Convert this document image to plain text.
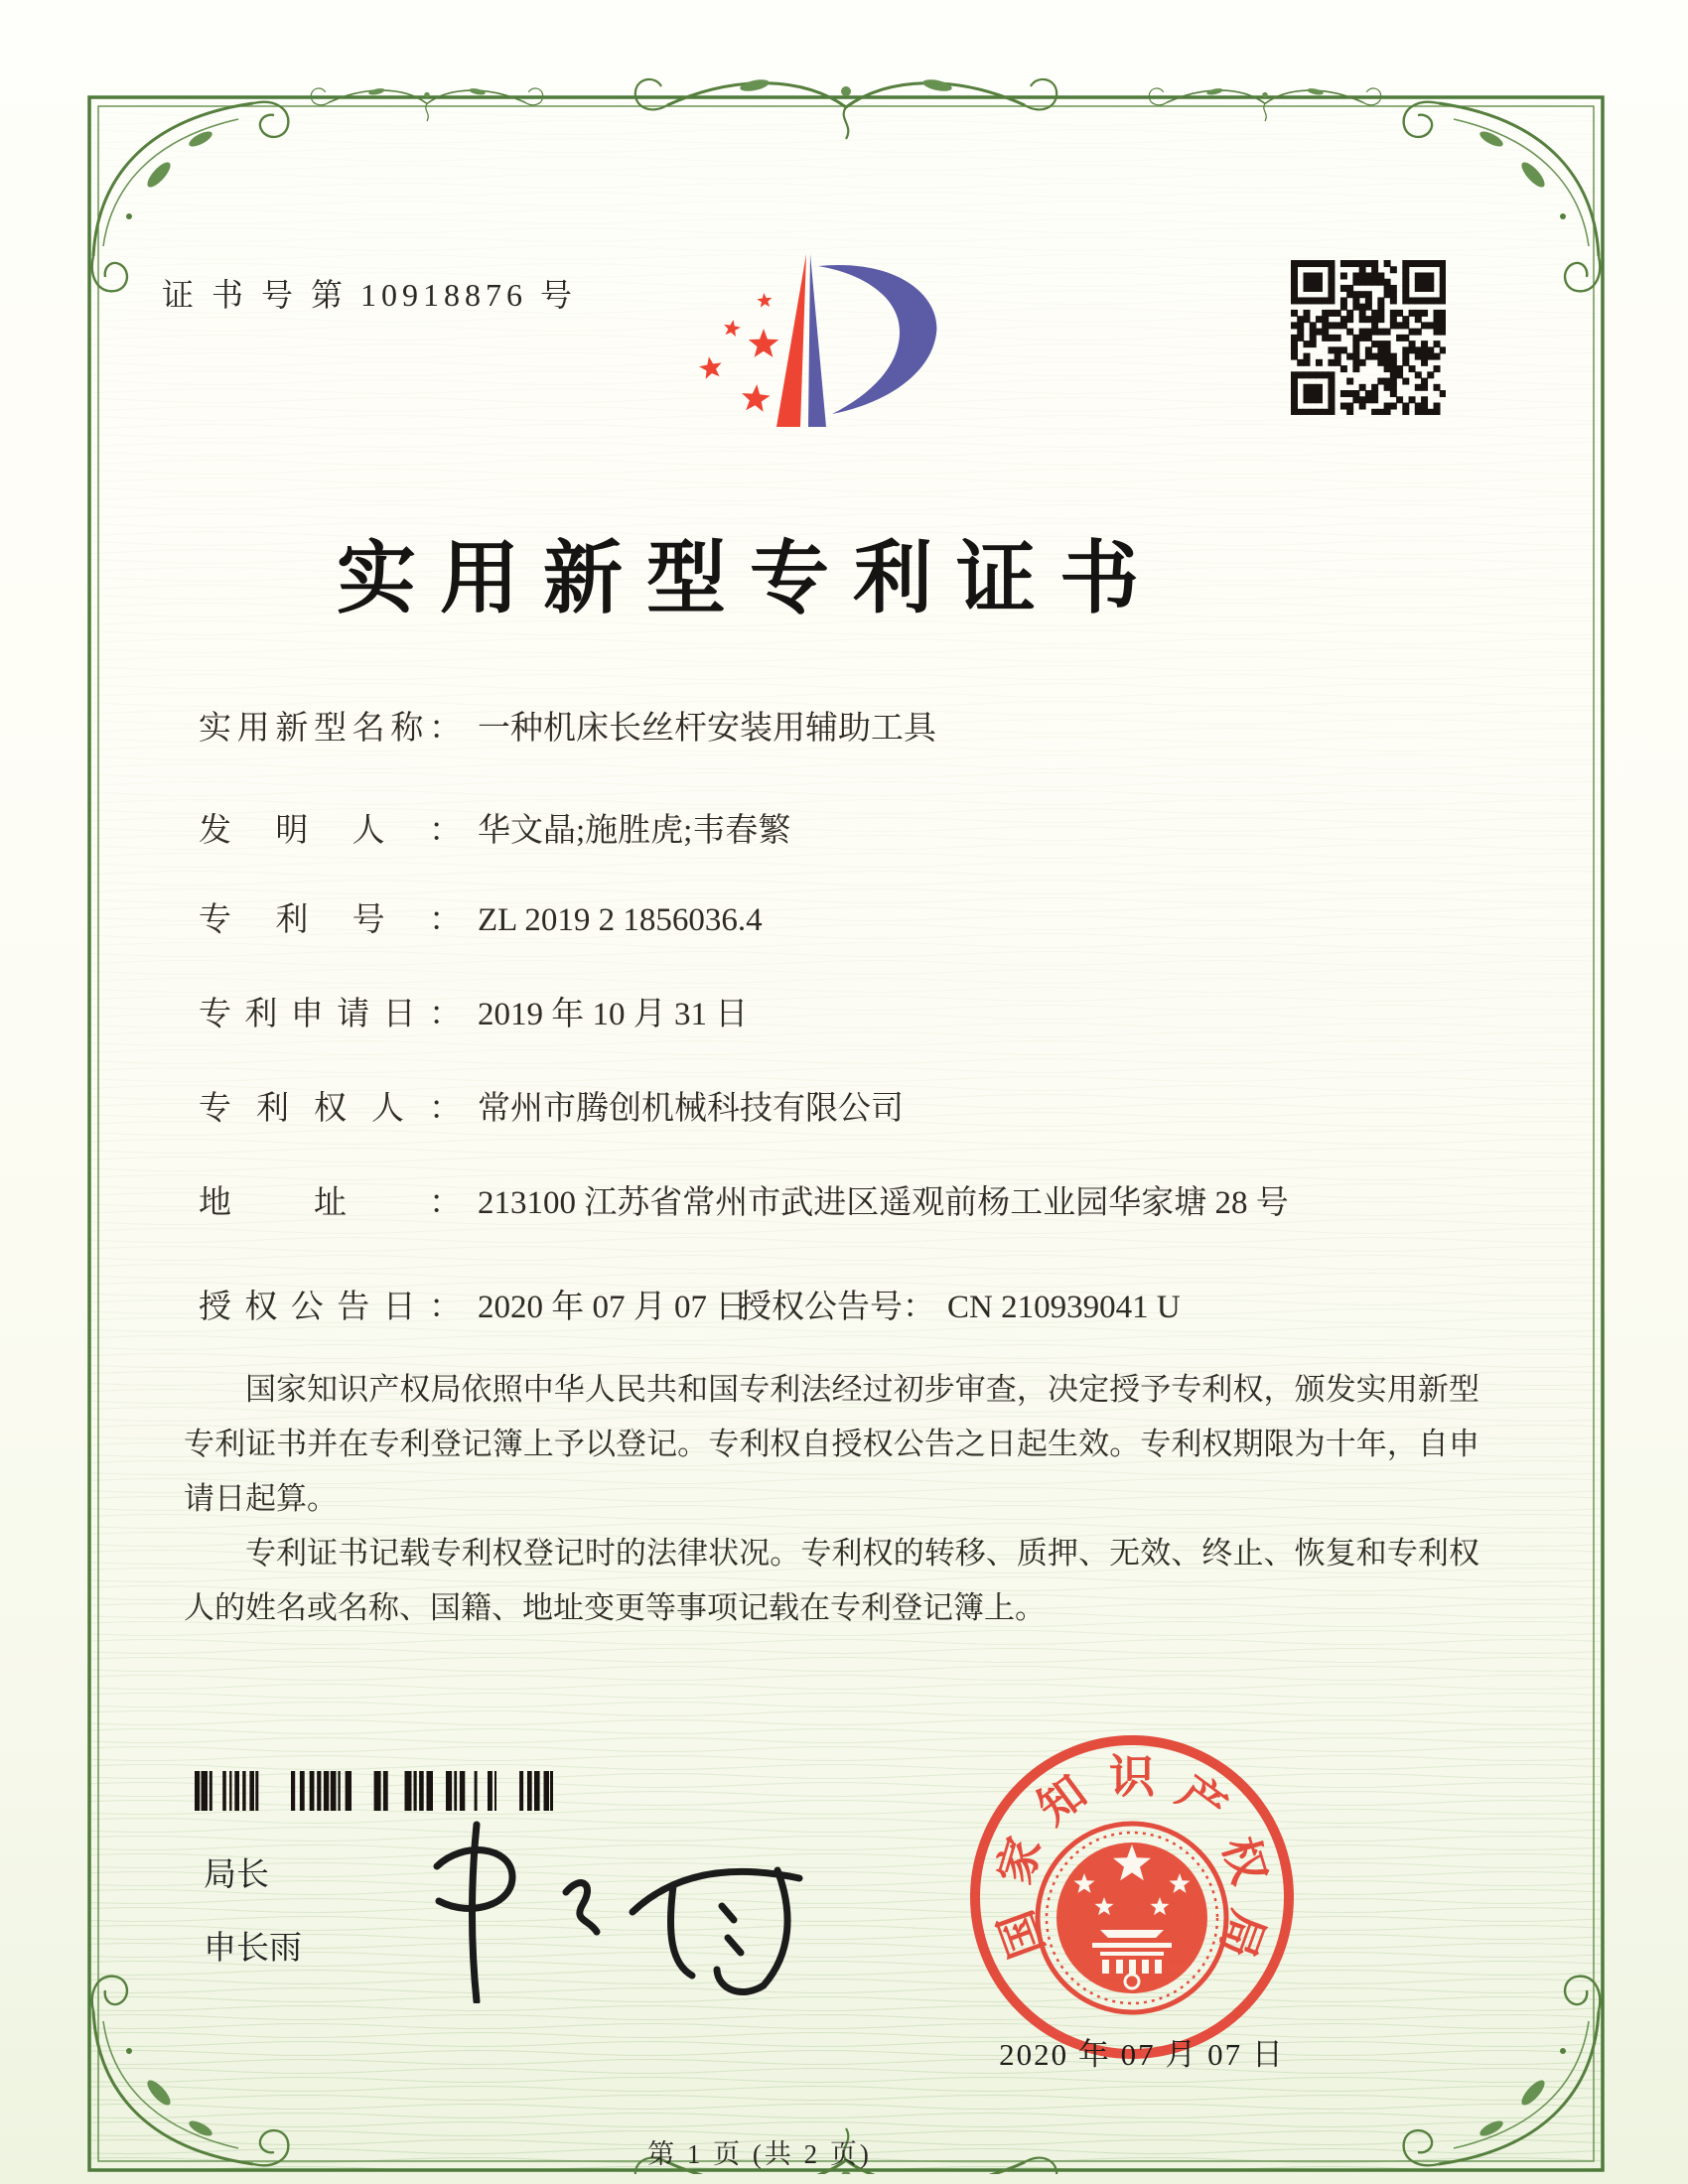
证 书 号 第 10918876 号
实用新型专利证书
实用新型名称： 一种机床长丝杆安装用辅助工具
发明人： 华文晶;施胜虎;韦春繁
专利号： ZL 2019 2 1856036.4
专利申请日： 2019 年 10 月 31 日
专利权人： 常州市腾创机械科技有限公司
地址： 213100 江苏省常州市武进区遥观前杨工业园华家塘 28 号
授权公告日： 2020 年 07 月 07 日授权公告号： CN 210939041 U

国家知识产权局依照中华人民共和国专利法经过初步审查，决定授予专利权，颁发实用新型专利证书并在专利登记簿上予以登记。专利权自授权公告之日起生效。专利权期限为十年，自申请日起算。

专利证书记载专利权登记时的法律状况。专利权的转移、质押、无效、终止、恢复和专利权人的姓名或名称、国籍、地址变更等事项记载在专利登记簿上。

局长
申长雨	国
家
知 识 产
权
局
2020 年 07 月 07 日
第 1 页 (共 2 页)
